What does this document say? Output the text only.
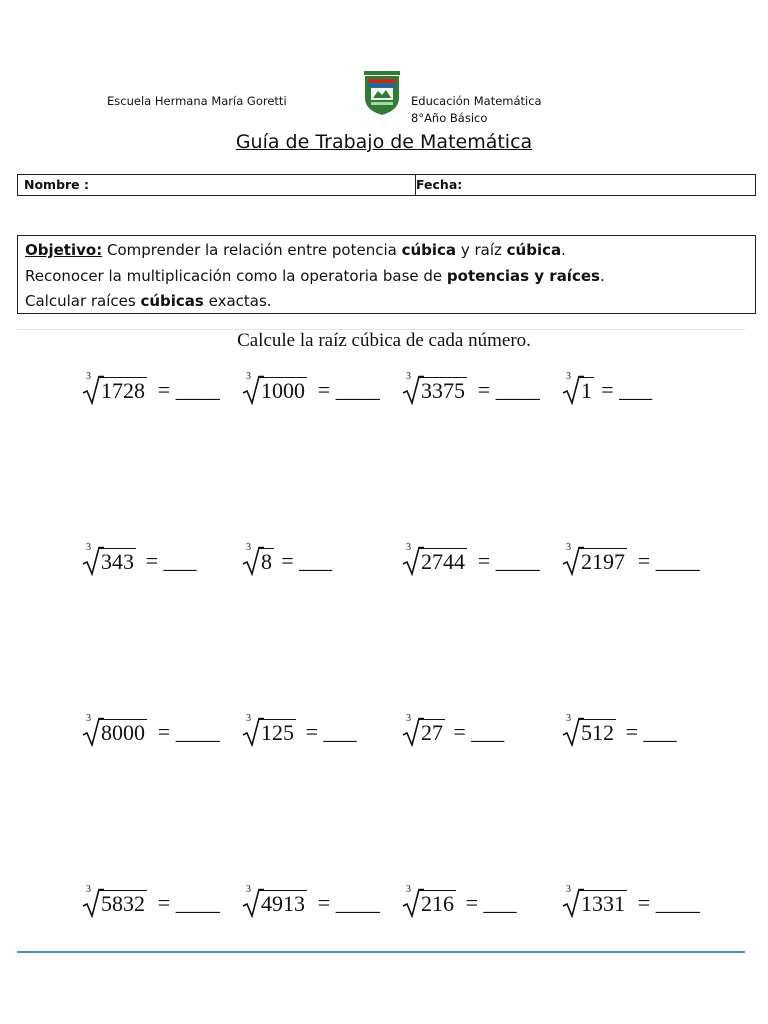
Escuela Hermana María Goretti	Educación Matemática
8°Año Básico
Guía de Trabajo de Matemática
Nombre :	Fecha:
Objetivo: Comprender la relación entre potencia cúbica y raíz cúbica.
Reconocer la multiplicación como la operatoria base de potencias y raíces.
Calcular raíces cúbicas exactas.
Calcule la raíz cúbica de cada número.
3
1728 = ____
3
1000 = ____
3
3375 = ____
3
1 = ___
3
343 = ___
3
8 = ___
3
2744 = ____
3
2197 = ____
3
8000 = ____
3
125 = ___
3
27 = ___
3
512 = ___
3
5832 = ____
3
4913 = ____
3
216 = ___
3
1331 = ____
